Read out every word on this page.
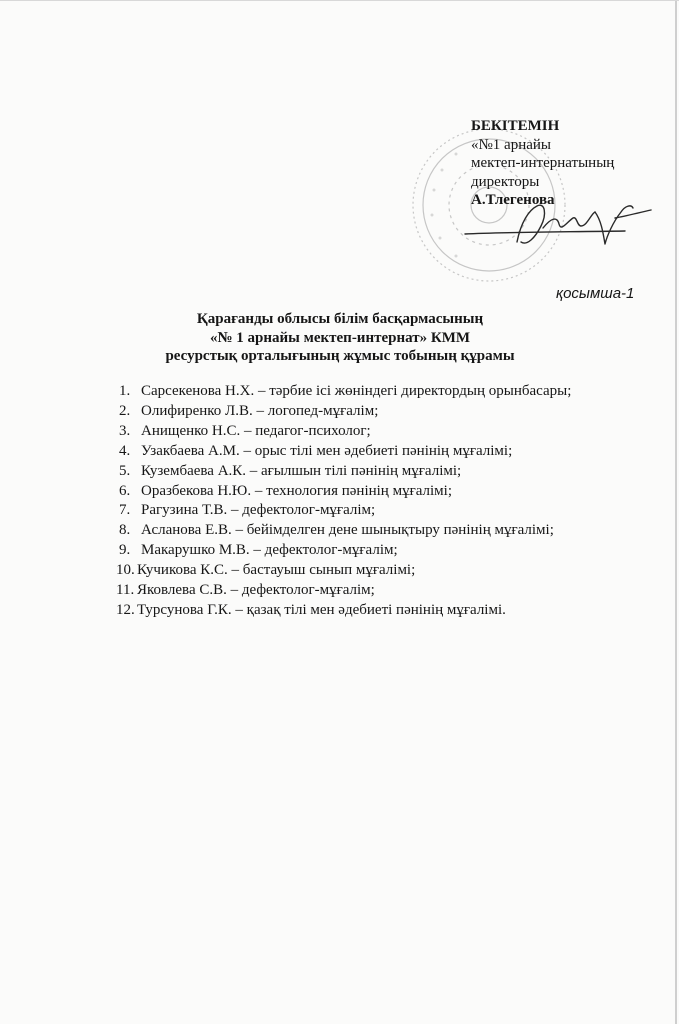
БЕКІТЕМІН
«№1 арнайы
мектеп-интернатының
директоры
А.Тлегенова
қосымша-1
Қарағанды облысы білім басқармасының
«№ 1 арнайы мектеп-интернат» КММ
ресурстық орталығының жұмыс тобының құрамы
1. Сарсекенова Н.Х. – тәрбие ісі жөніндегі директордың орынбасары;
2. Олифиренко Л.В. – логопед-мұғалім;
3. Анищенко Н.С. – педагог-психолог;
4. Узакбаева А.М. – орыс тілі мен әдебиеті пәнінің мұғалімі;
5. Кузембаева А.К. – ағылшын тілі пәнінің мұғалімі;
6. Оразбекова Н.Ю. – технология пәнінің мұғалімі;
7. Рагузина Т.В. – дефектолог-мұғалім;
8. Асланова Е.В. – бейімделген дене шынықтыру пәнінің мұғалімі;
9. Макарушко М.В. – дефектолог-мұғалім;
10. Кучикова К.С. – бастауыш сынып мұғалімі;
11. Яковлева С.В. – дефектолог-мұғалім;
12. Турсунова Г.К. – қазақ тілі мен әдебиеті пәнінің мұғалімі.
